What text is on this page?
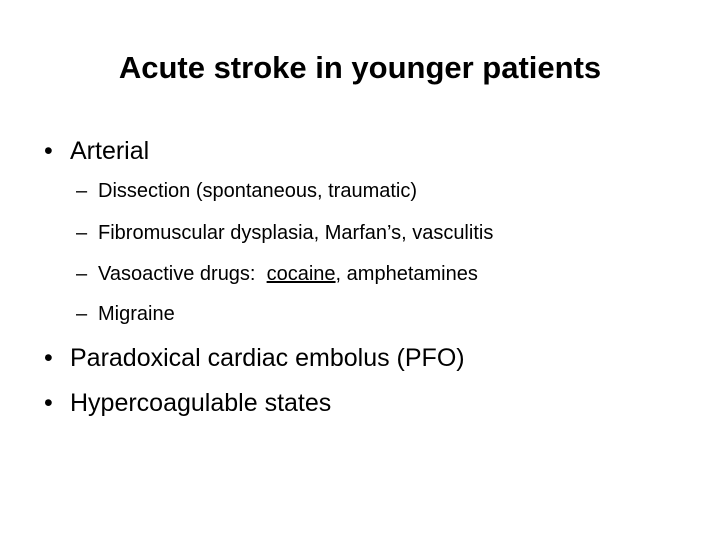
Acute stroke in younger patients
• Arterial
– Dissection (spontaneous, traumatic)
– Fibromuscular dysplasia, Marfan’s, vasculitis
– Vasoactive drugs:  cocaine, amphetamines
– Migraine
• Paradoxical cardiac embolus (PFO)
• Hypercoagulable states
